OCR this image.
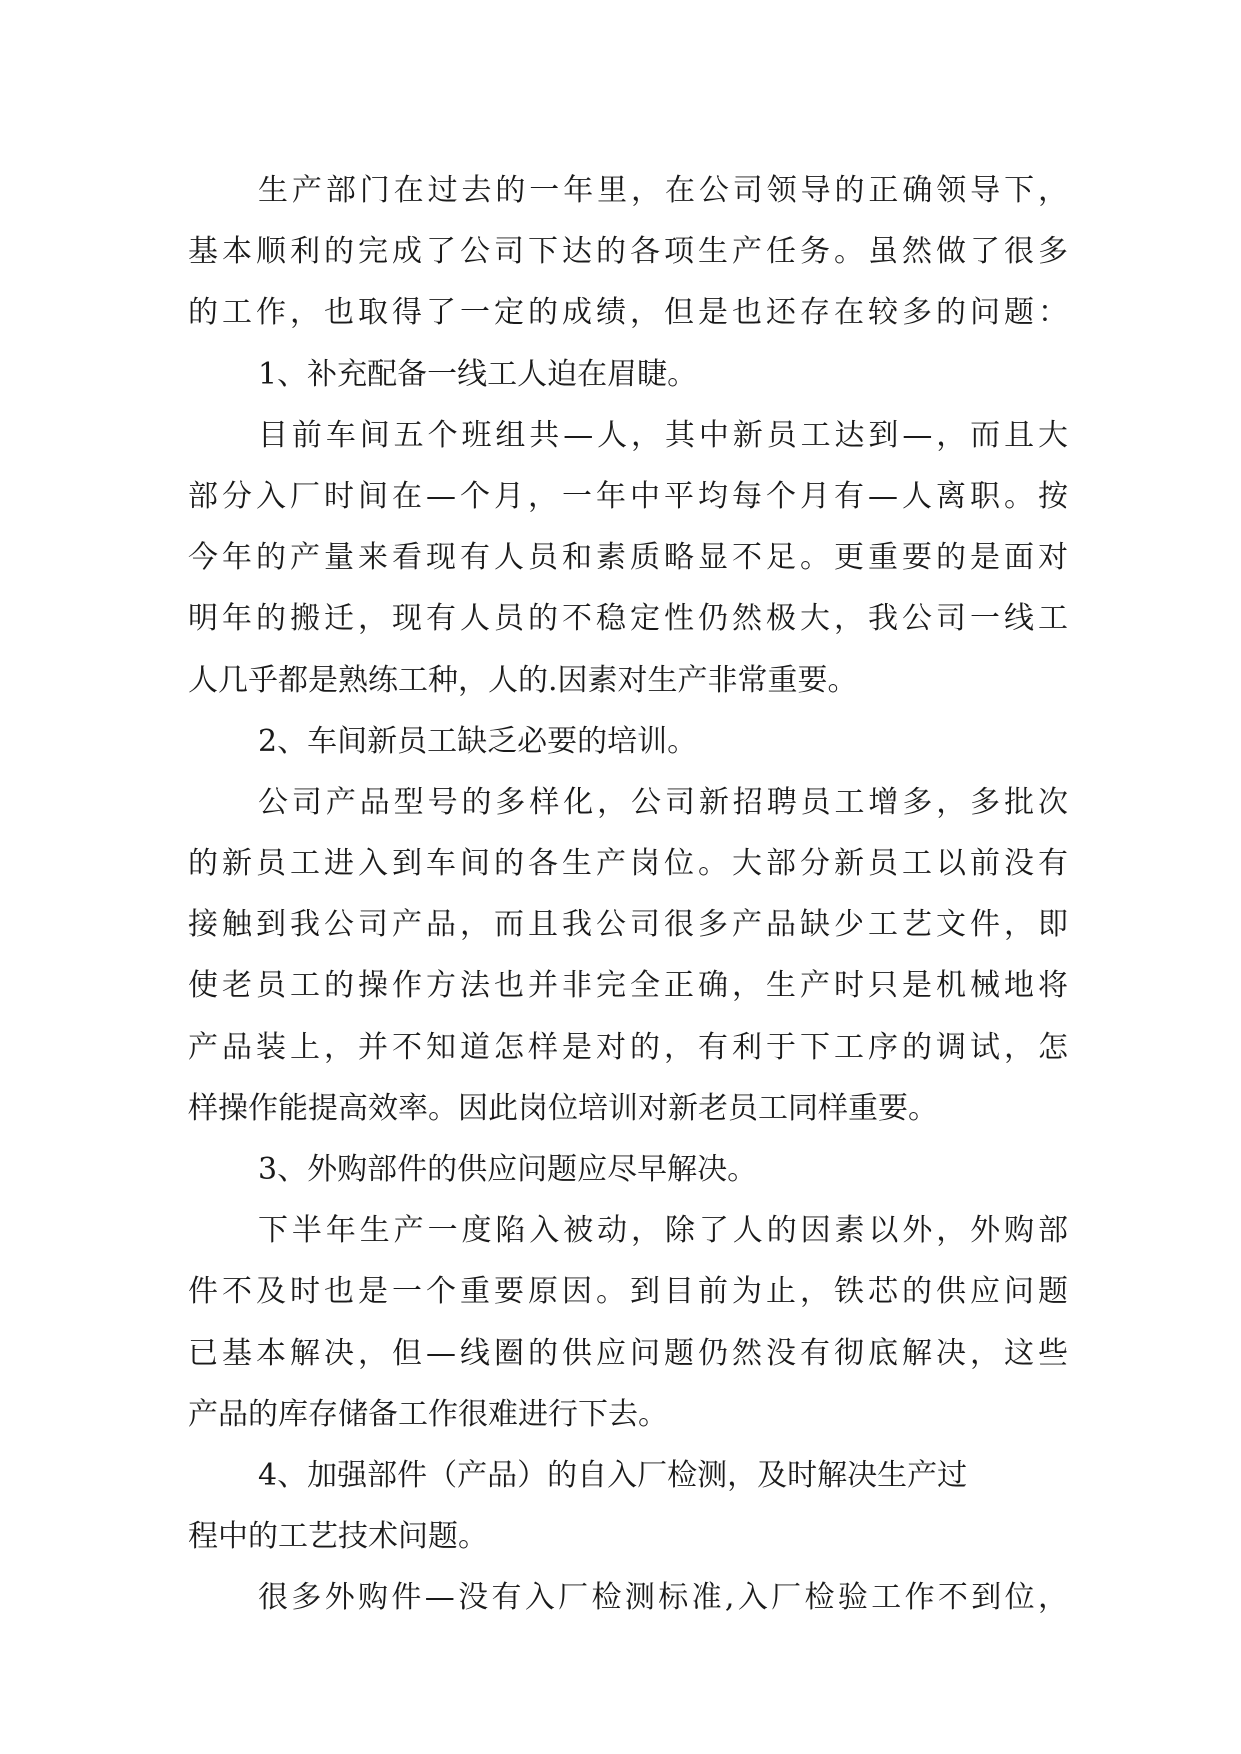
生产部门在过去的一年里，在公司领导的正确领导下，
基本顺利的完成了公司下达的各项生产任务。虽然做了很多
的工作，也取得了一定的成绩，但是也还存在较多的问题：
1、补充配备一线工人迫在眉睫。
目前车间五个班组共—人，其中新员工达到—，而且大
部分入厂时间在—个月，一年中平均每个月有—人离职。按
今年的产量来看现有人员和素质略显不足。更重要的是面对
明年的搬迁，现有人员的不稳定性仍然极大，我公司一线工
人几乎都是熟练工种，人的.因素对生产非常重要。
2、车间新员工缺乏必要的培训。
公司产品型号的多样化，公司新招聘员工增多，多批次
的新员工进入到车间的各生产岗位。大部分新员工以前没有
接触到我公司产品，而且我公司很多产品缺少工艺文件，即
使老员工的操作方法也并非完全正确，生产时只是机械地将
产品装上，并不知道怎样是对的，有利于下工序的调试，怎
样操作能提高效率。因此岗位培训对新老员工同样重要。
3、外购部件的供应问题应尽早解决。
下半年生产一度陷入被动，除了人的因素以外，外购部
件不及时也是一个重要原因。到目前为止，铁芯的供应问题
已基本解决，但—线圈的供应问题仍然没有彻底解决，这些
产品的库存储备工作很难进行下去。
4、加强部件（产品）的自入厂检测，及时解决生产过
程中的工艺技术问题。
很多外购件—没有入厂检测标准,入厂检验工作不到位，
